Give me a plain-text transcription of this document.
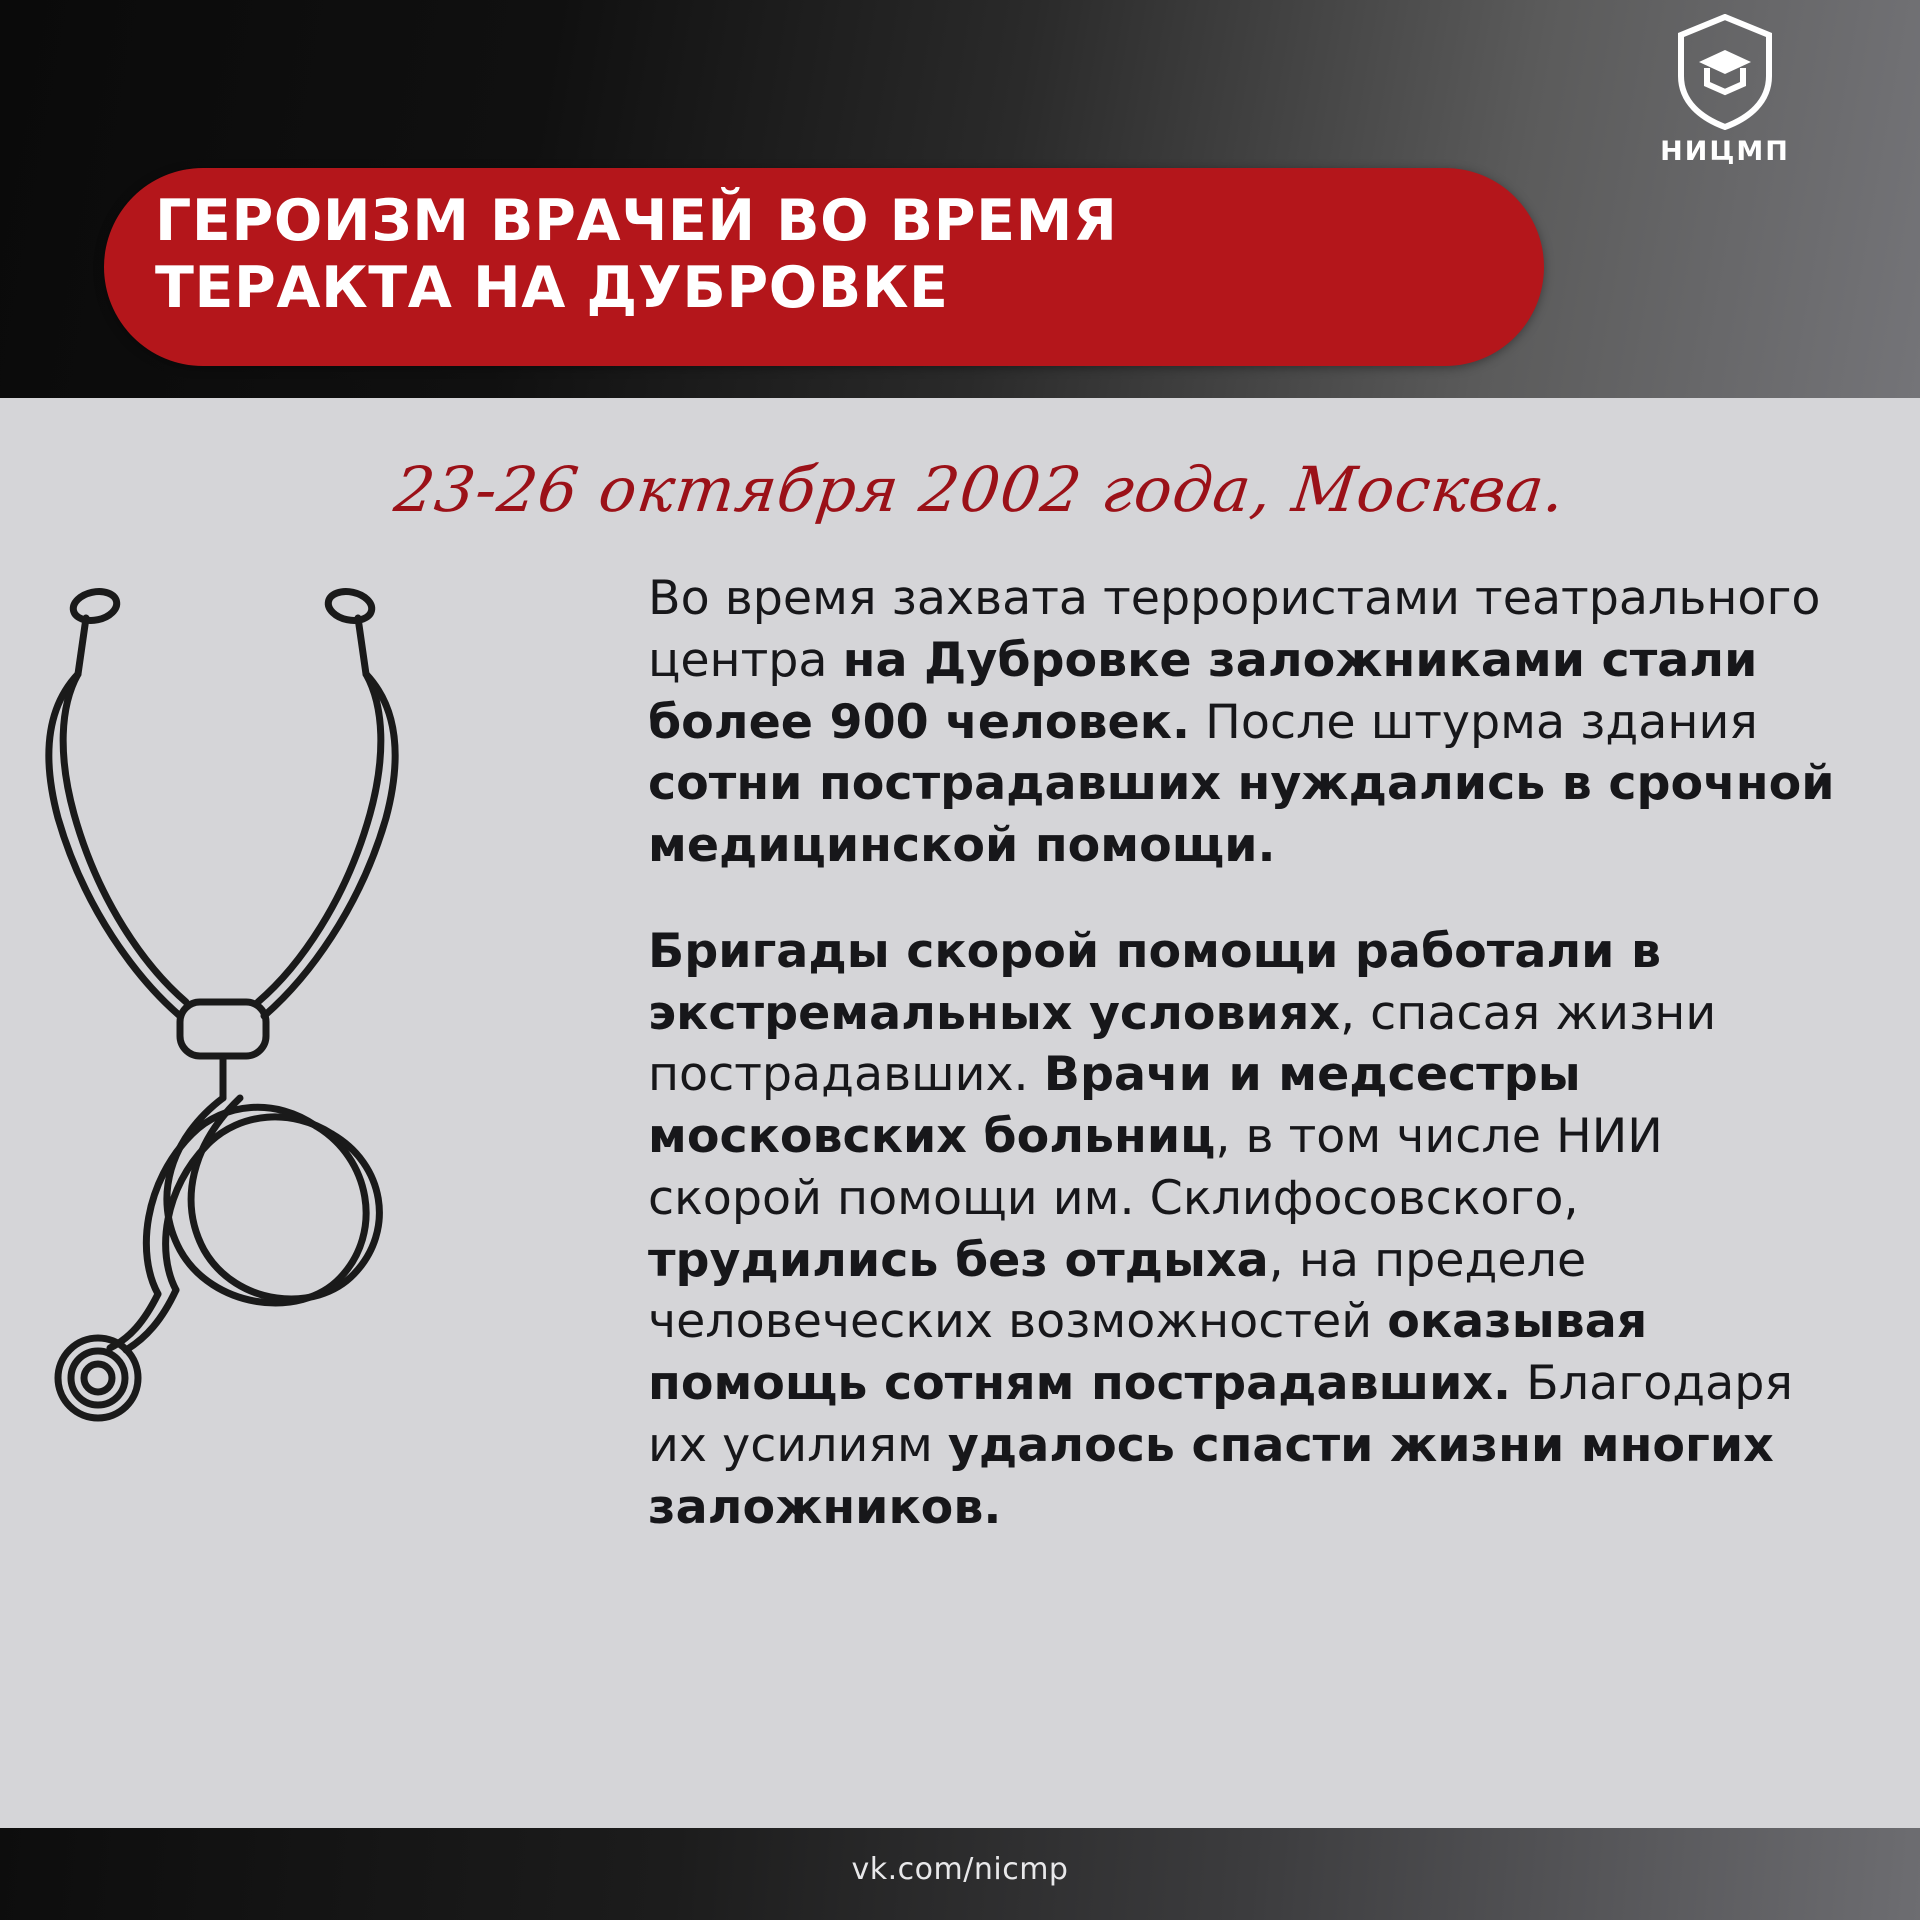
ГЕРОИЗМ ВРАЧЕЙ ВО ВРЕМЯ
ТЕРАКТА НА ДУБРОВКЕ
НИЦМП
23-26 октября 2002 года, Москва.

Во время захвата террористами театрального центра на Дубровке заложниками стали более 900 человек. После штурма здания сотни пострадавших нуждались в срочной медицинской помощи.

Бригады скорой помощи работали в экстремальных условиях, спасая жизни пострадавших. Врачи и медсестры московских больниц, в том числе НИИ скорой помощи им. Склифосовского, трудились без отдыха, на пределе человеческих возможностей оказывая помощь сотням пострадавших. Благодаря их усилиям удалось спасти жизни многих заложников.

vk.com/nicmp
